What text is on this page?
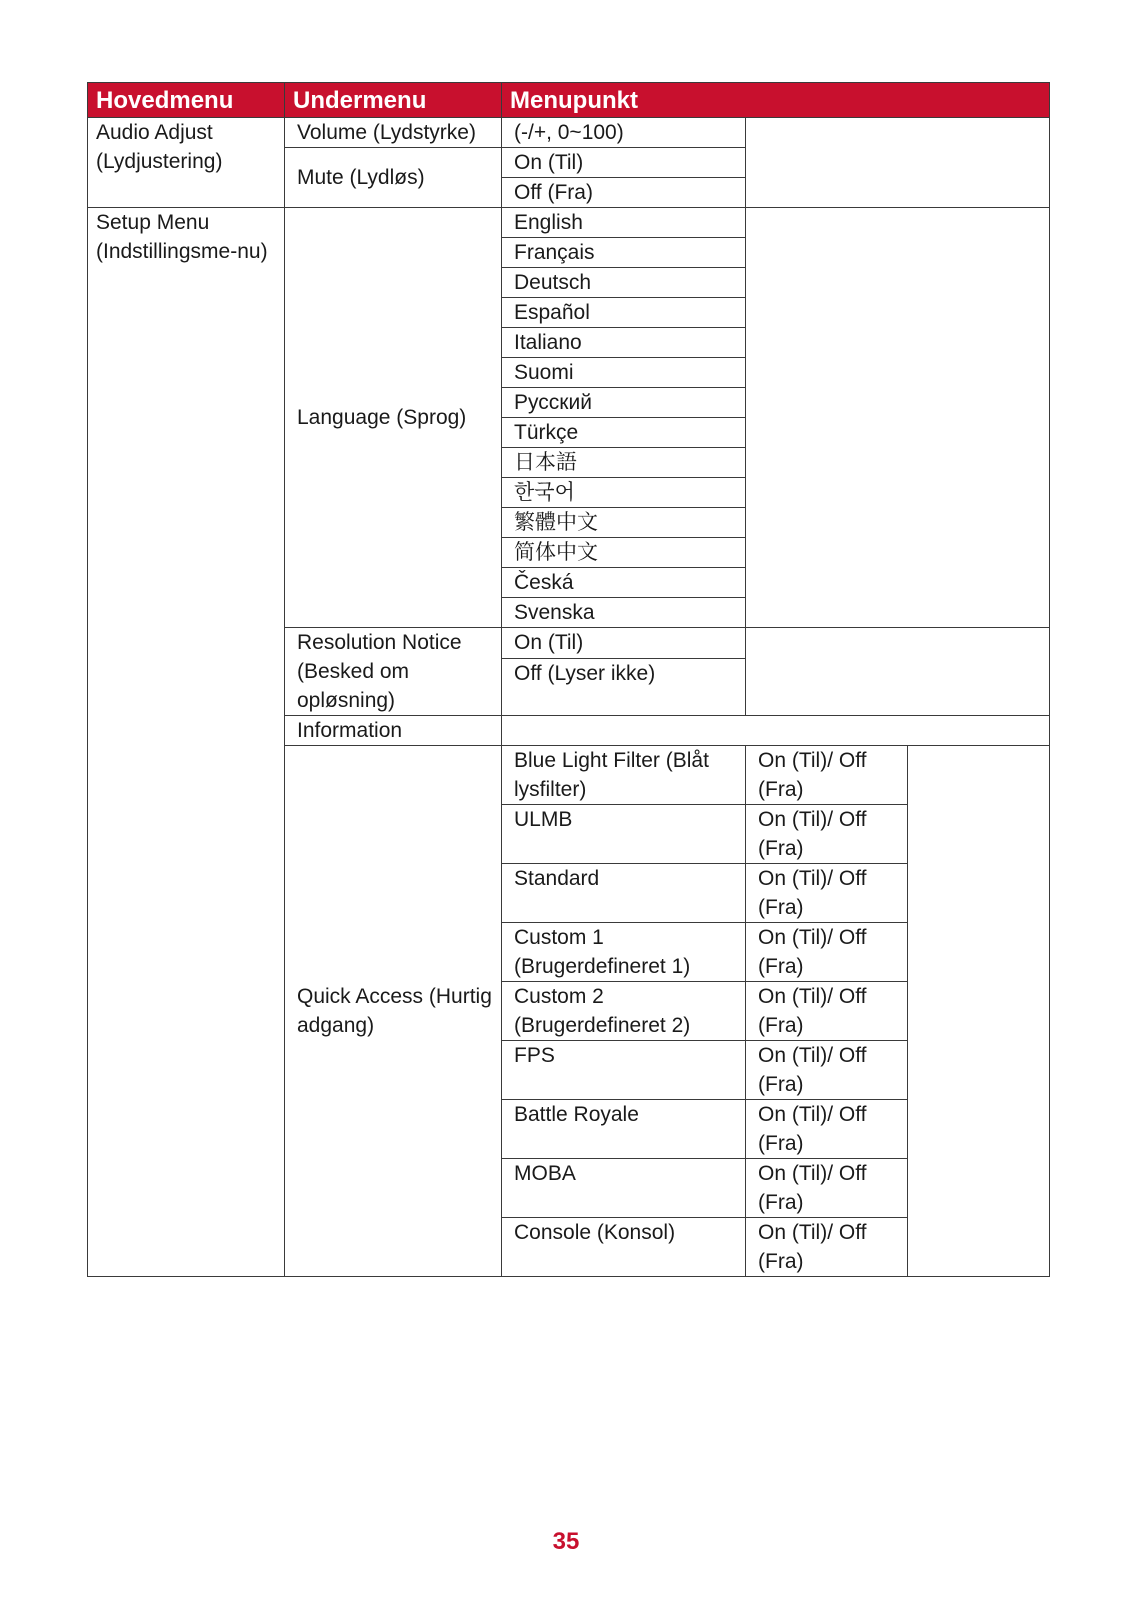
Hovedmenu	Undermenu	Menupunkt		
Audio Adjust (Lydjustering)	Volume (Lydstyrke)	(-/+, 0~100)		
	Mute (Lydløs)	On (Til)		
		Off (Fra)		
Setup Menu (Indstillingsme-nu)	Language (Sprog)	English		
		Français		
		Deutsch		
		Español		
		Italiano		
		Suomi		
		Русский		
		Türkçe		
		日本語		
		한국어		
		繁體中文		
		简体中文		
		Česká		
		Svenska		
	Resolution Notice (Besked om opløsning)	On (Til)		
		Off (Lyser ikke)		
	Information			
	Quick Access (Hurtig adgang)	Blue Light Filter (Blåt lysfilter)	On (Til)/ Off (Fra)	
		ULMB	On (Til)/ Off (Fra)	
		Standard	On (Til)/ Off (Fra)	
		Custom 1 (Brugerdefineret 1)	On (Til)/ Off (Fra)	
		Custom 2 (Brugerdefineret 2)	On (Til)/ Off (Fra)	
		FPS	On (Til)/ Off (Fra)	
		Battle Royale	On (Til)/ Off (Fra)	
		MOBA	On (Til)/ Off (Fra)	
		Console (Konsol)	On (Til)/ Off (Fra)	
35
